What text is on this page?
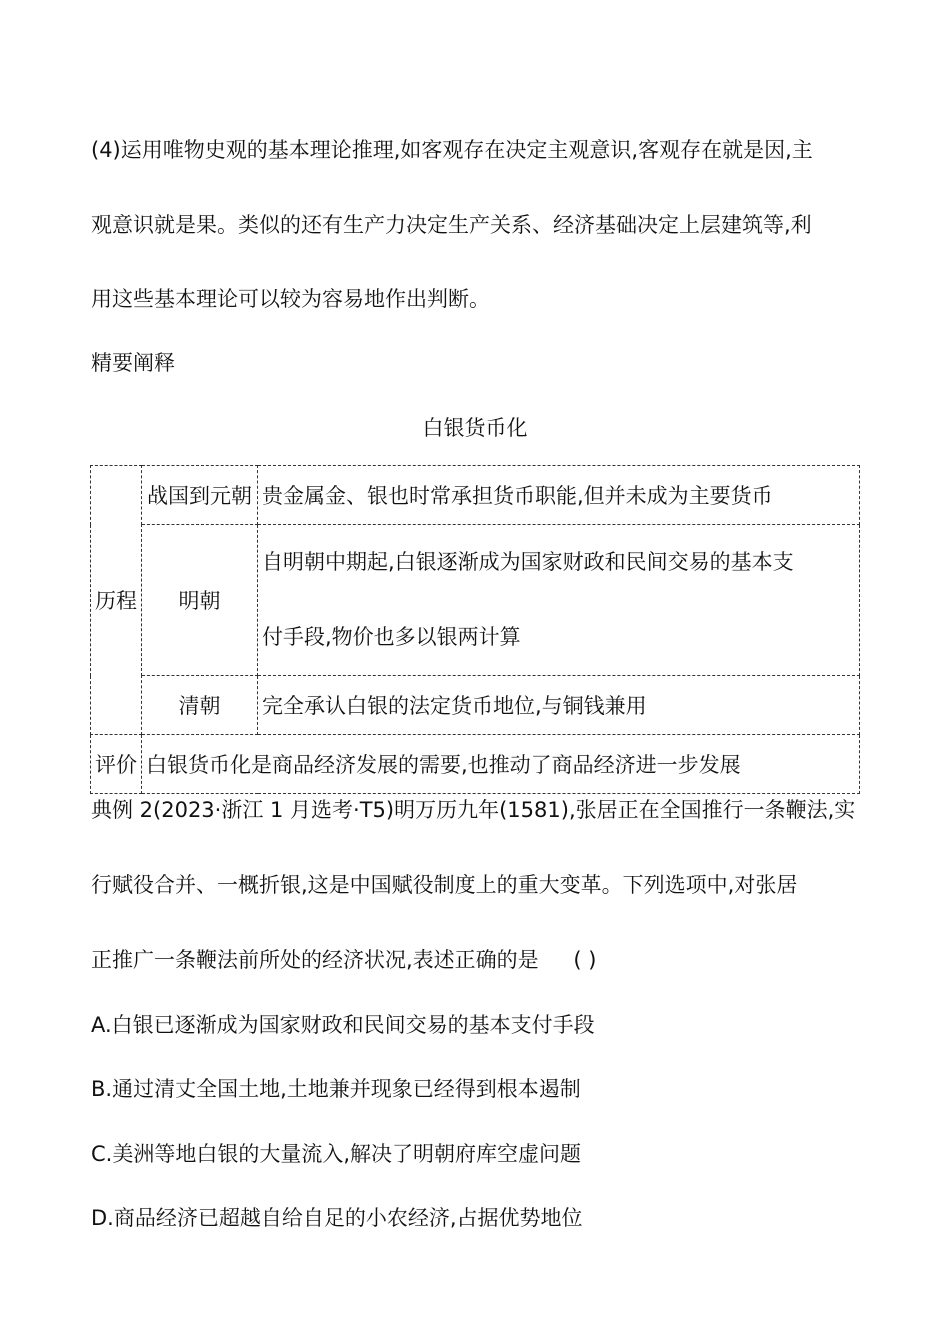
(4)运用唯物史观的基本理论推理,如客观存在决定主观意识,客观存在就是因,主
观意识就是果。类似的还有生产力决定生产关系、经济基础决定上层建筑等,利
用这些基本理论可以较为容易地作出判断。
精要阐释
白银货币化
历程	战国到元朝	贵金属金、银也时常承担货币职能,但并未成为主要货币
	明朝	自明朝中期起,白银逐渐成为国家财政和民间交易的基本支
付手段,物价也多以银两计算

	清朝	完全承认白银的法定货币地位,与铜钱兼用
评价	白银货币化是商品经济发展的需要,也推动了商品经济进一步发展	
典例 2(2023·浙江 1 月选考·T5)明万历九年(1581),张居正在全国推行一条鞭法,实
行赋役合并、一概折银,这是中国赋役制度上的重大变革。下列选项中,对张居
正推广一条鞭法前所处的经济状况,表述正确的是 ( )
A.白银已逐渐成为国家财政和民间交易的基本支付手段
B.通过清丈全国土地,土地兼并现象已经得到根本遏制
C.美洲等地白银的大量流入,解决了明朝府库空虚问题
D.商品经济已超越自给自足的小农经济,占据优势地位
